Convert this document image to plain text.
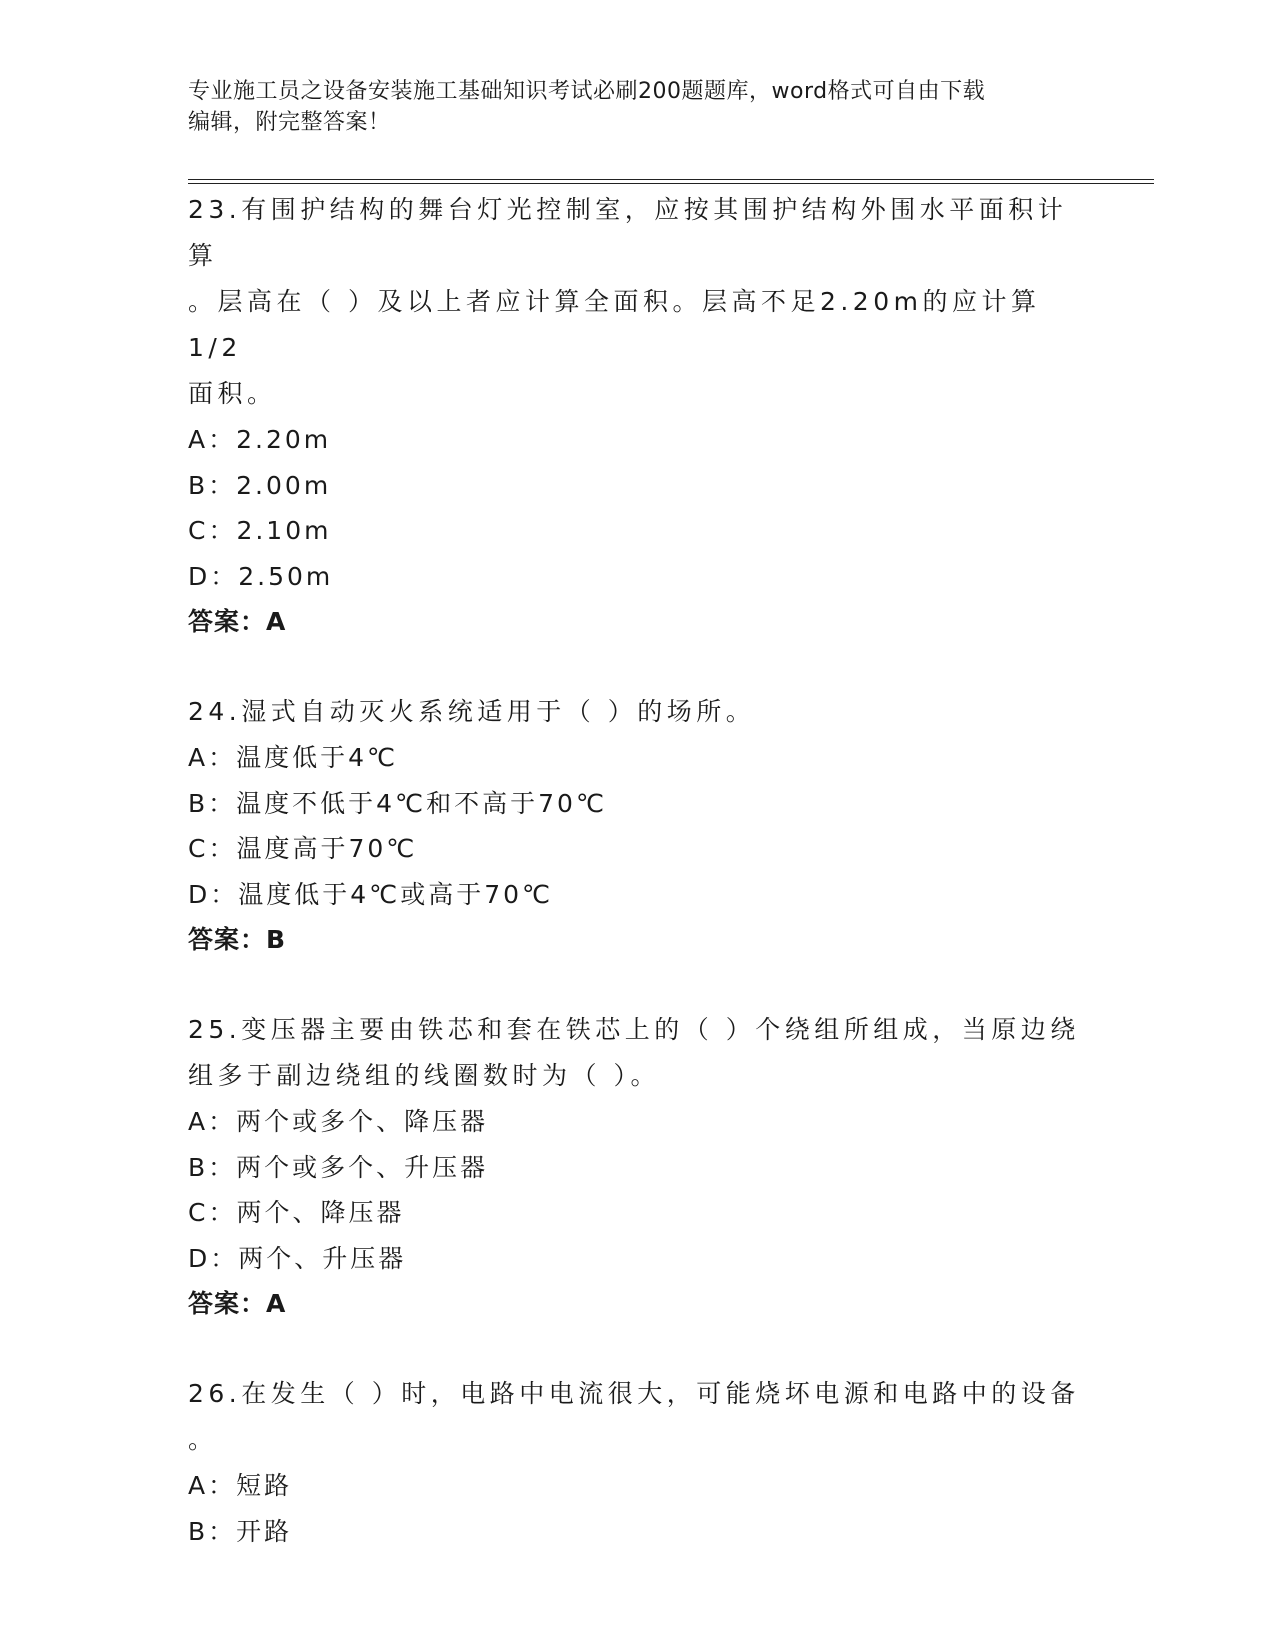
专业施工员之设备安装施工基础知识考试必刷200题题库，word格式可自由下载
编辑，附完整答案！

23.有围护结构的舞台灯光控制室，应按其围护结构外围水平面积计算

。层高在（ ）及以上者应计算全面积。层高不足2.20m的应计算1/2

面积。

A：2.20m

B：2.00m

C：2.10m

D：2.50m

答案：A

24.湿式自动灭火系统适用于（ ）的场所。

A：温度低于4℃

B：温度不低于4℃和不高于70℃

C：温度高于70℃

D：温度低于4℃或高于70℃

答案：B

25.变压器主要由铁芯和套在铁芯上的（ ）个绕组所组成，当原边绕

组多于副边绕组的线圈数时为（ ）。

A：两个或多个、降压器

B：两个或多个、升压器

C：两个、降压器

D：两个、升压器

答案：A

26.在发生（ ）时，电路中电流很大，可能烧坏电源和电路中的设备

。

A：短路

B：开路
